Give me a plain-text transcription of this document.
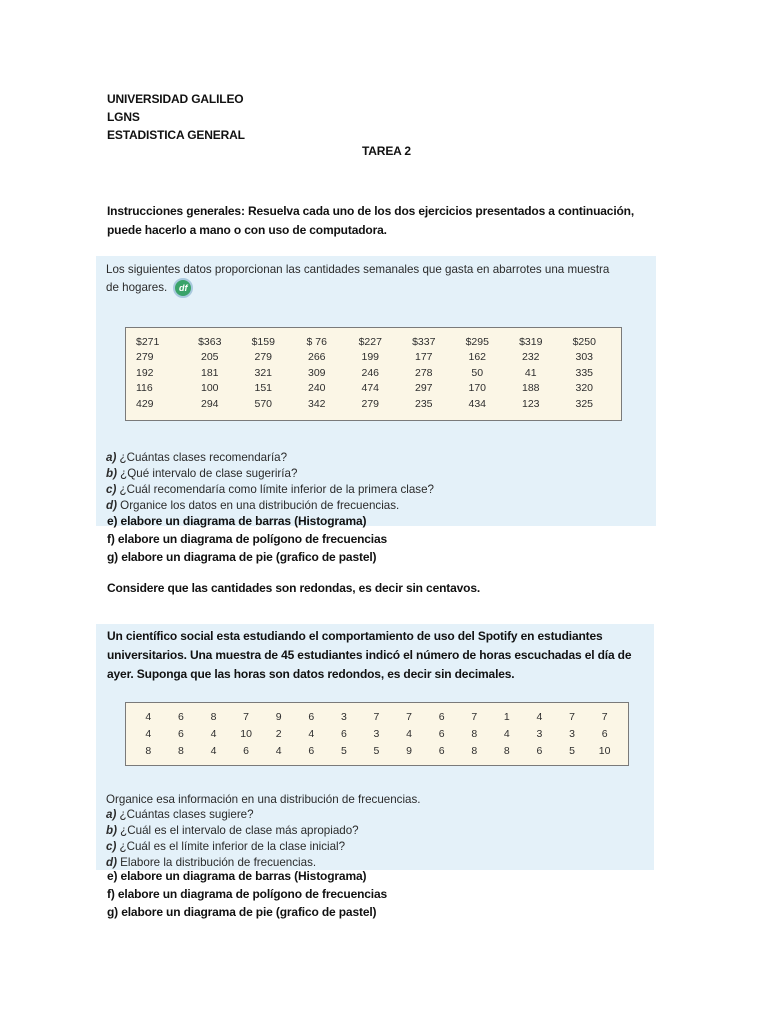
UNIVERSIDAD GALILEO
LGNS
ESTADISTICA GENERAL
TAREA 2
Instrucciones generales: Resuelva cada uno de los dos ejercicios presentados a continuación,
puede hacerlo a mano o con uso de computadora.
Los siguientes datos proporcionan las cantidades semanales que gasta en abarrotes una muestra
de hogares. df
$271	$363	$159	$ 76	$227	$337	$295	$319	$250
279	205	279	266	199	177	162	232	303
192	181	321	309	246	278	50	41	335
116	100	151	240	474	297	170	188	320
429	294	570	342	279	235	434	123	325
a) ¿Cuántas clases recomendaría?
b) ¿Qué intervalo de clase sugeriría?
c) ¿Cuál recomendaría como límite inferior de la primera clase?
d) Organice los datos en una distribución de frecuencias.
e) elabore un diagrama de barras (Histograma)
f) elabore un diagrama de polígono de frecuencias
g) elabore un diagrama de pie (grafico de pastel)
Considere que las cantidades son redondas, es decir sin centavos.
Un científico social esta estudiando el comportamiento de uso del Spotify en estudiantes
universitarios. Una muestra de 45 estudiantes indicó el número de horas escuchadas el día de
ayer. Suponga que las horas son datos redondos, es decir sin decimales.
4	6	8	7	9	6	3	7	7	6	7	1	4	7	7
4	6	4	10	2	4	6	3	4	6	8	4	3	3	6
8	8	4	6	4	6	5	5	9	6	8	8	6	5	10
Organice esa información en una distribución de frecuencias.
a) ¿Cuántas clases sugiere?
b) ¿Cuál es el intervalo de clase más apropiado?
c) ¿Cuál es el límite inferior de la clase inicial?
d) Elabore la distribución de frecuencias.
e) elabore un diagrama de barras (Histograma)
f) elabore un diagrama de polígono de frecuencias
g) elabore un diagrama de pie (grafico de pastel)
